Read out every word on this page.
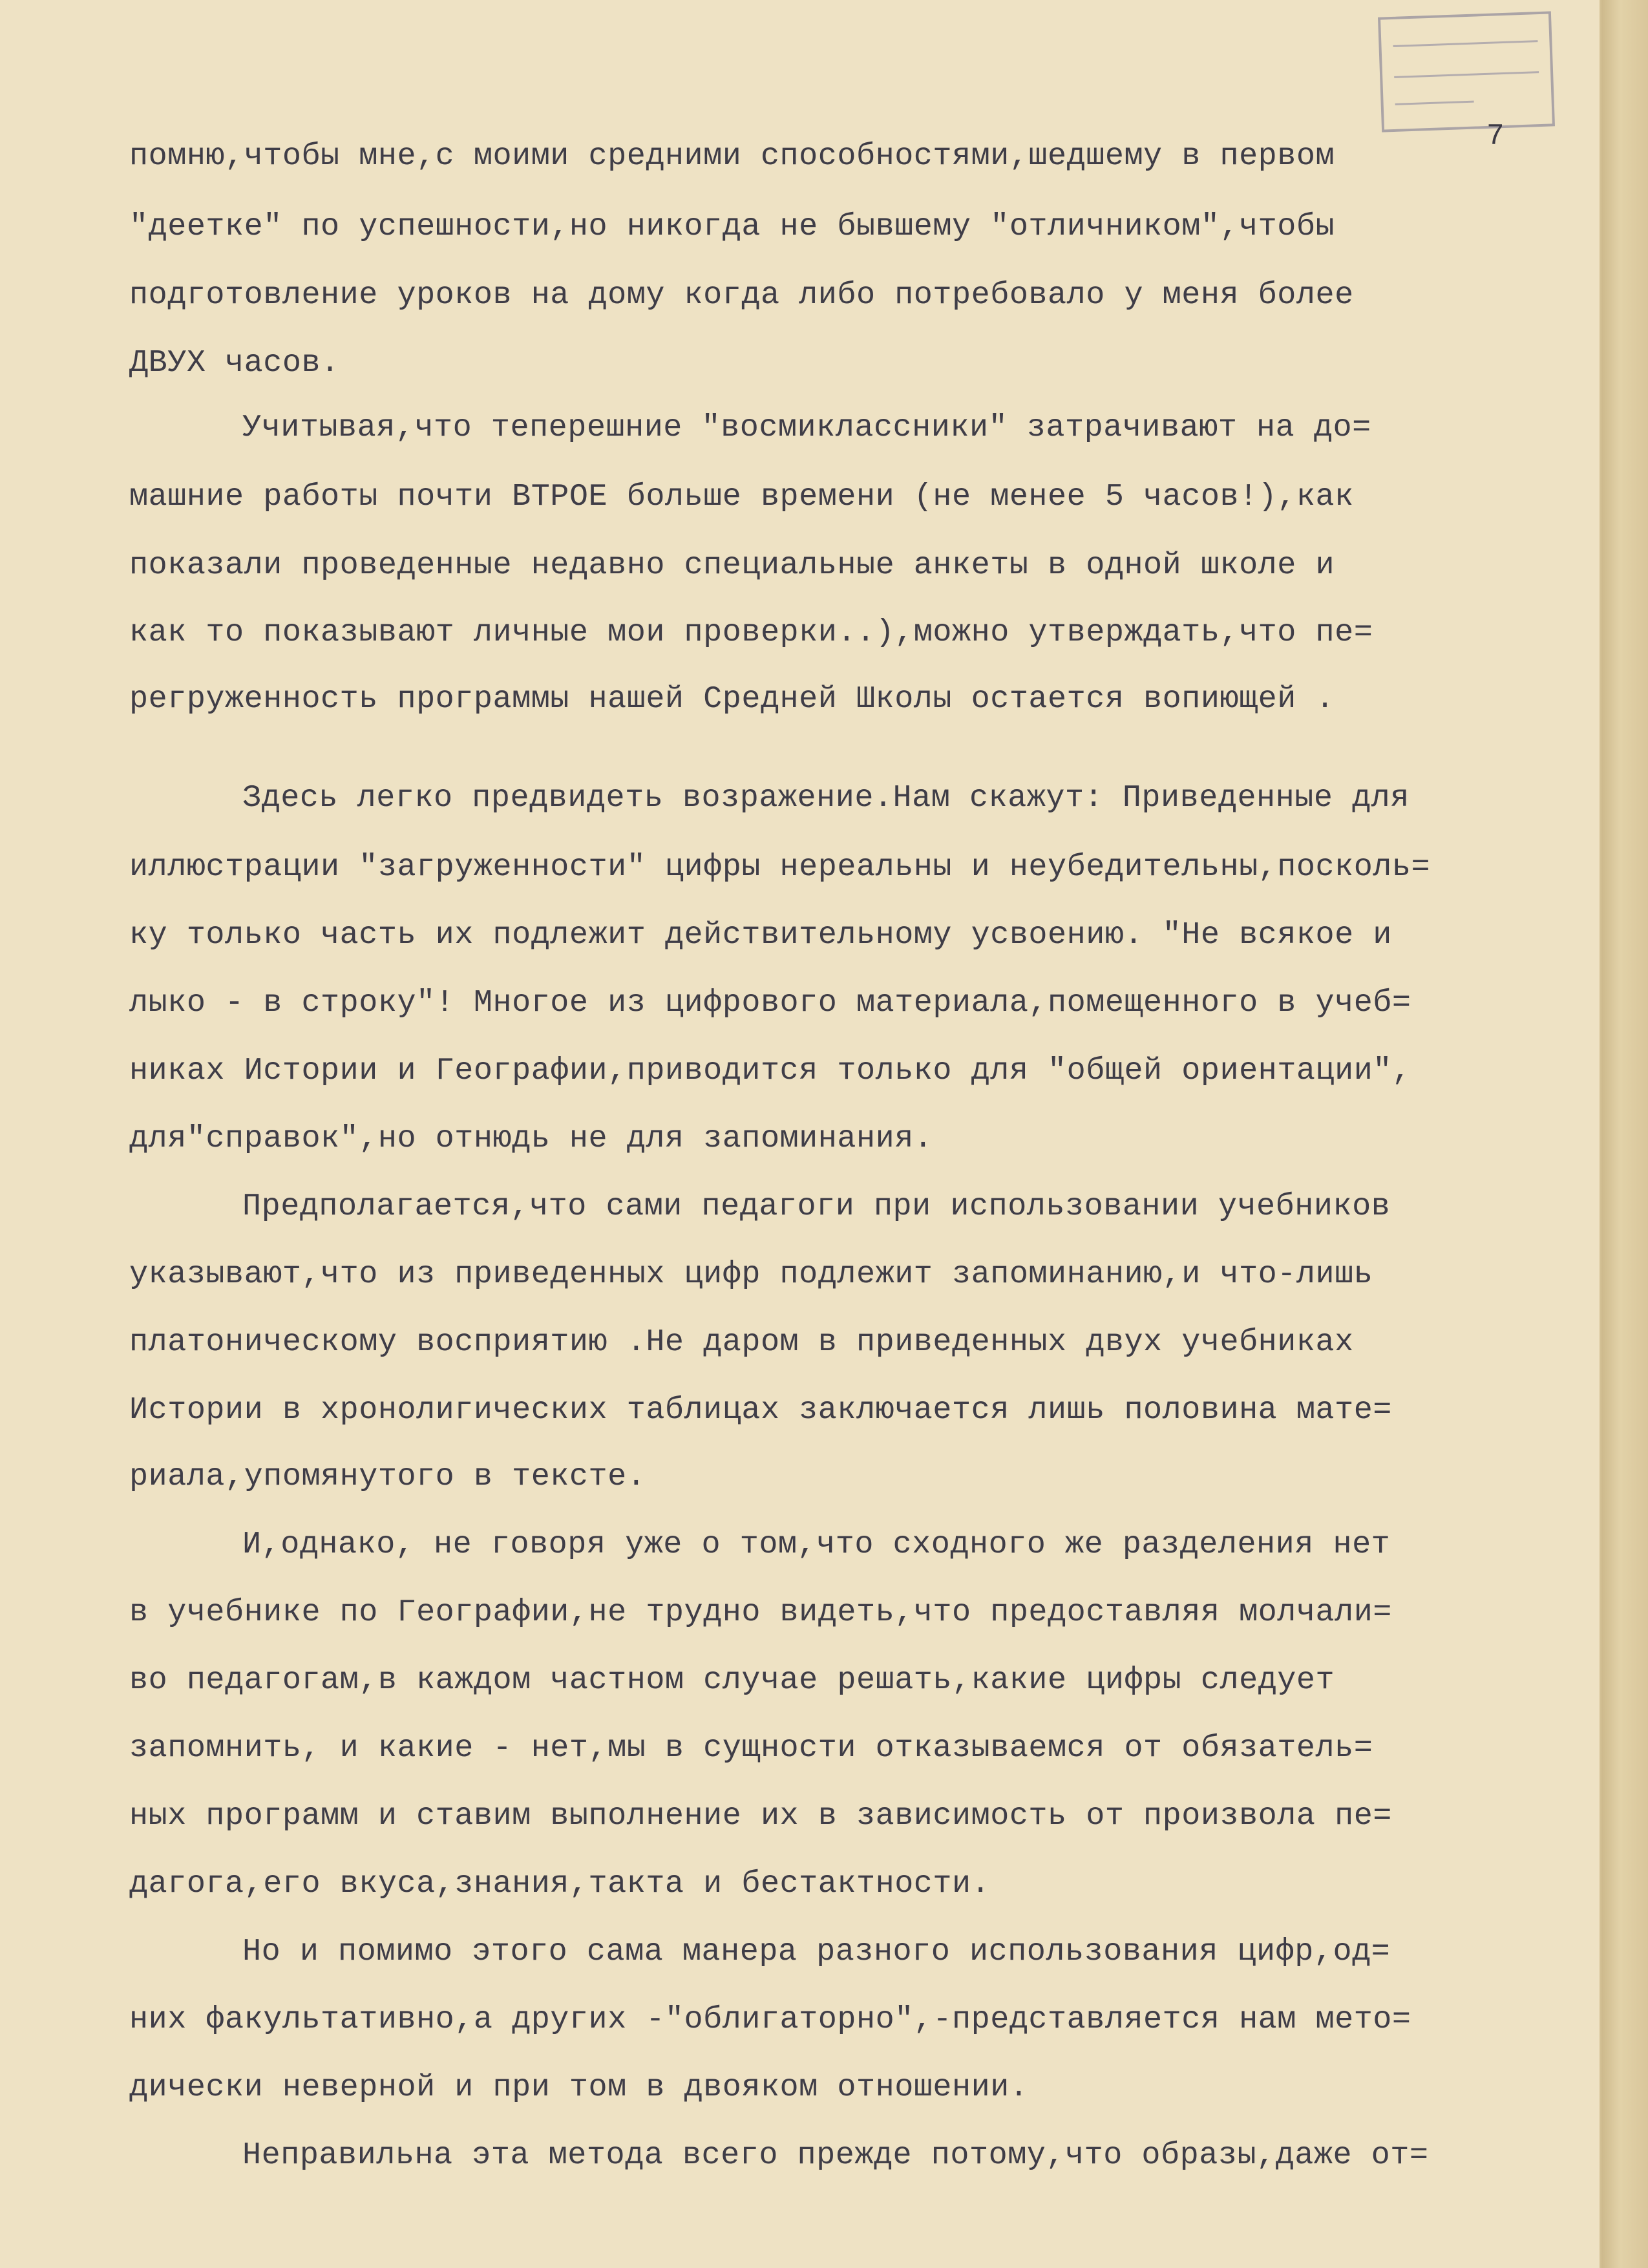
7
помню,чтобы мне,с моими средними способностями,шедшему в первом
"деетке" по успешности,но никогда не бывшему "отличником",чтобы
подготовление уроков на дому когда либо потребовало у меня более
ДВУХ часов.
Учитывая,что теперешние "восмиклассники" затрачивают на до=
машние работы почти ВТРОЕ больше времени (не менее 5 часов!),как
показали проведенные недавно специальные анкеты в одной школе и
как то показывают личные мои проверки..),можно утверждать,что пе=
регруженность программы нашей Средней Школы остается вопиющей .
Здесь легко предвидеть возражение.Нам скажут: Приведенные для
иллюстрации "загруженности" цифры нереальны и неубедительны,посколь=
ку только часть их подлежит действительному усвоению. "Не всякое и
лыко - в строку"! Многое из цифрового материала,помещенного в учеб=
никах Истории и Географии,приводится только для "общей ориентации",
для"справок",но отнюдь не для запоминания.
Предполагается,что сами педагоги при использовании учебников
указывают,что из приведенных цифр подлежит запоминанию,и что-лишь
платоническому восприятию .Не даром в приведенных двух учебниках
Истории в хронолигических таблицах заключается лишь половина мате=
риала,упомянутого в тексте.
И,однако, не говоря уже о том,что сходного же разделения нет
в учебнике по Географии,не трудно видеть,что предоставляя молчали=
во педагогам,в каждом частном случае решать,какие цифры следует
запомнить, и какие - нет,мы в сущности отказываемся от обязатель=
ных программ и ставим выполнение их в зависимость от произвола пе=
дагога,его вкуса,знания,такта и бестактности.
Но и помимо этого сама манера разного использования цифр,од=
них факультативно,а других -"облигаторно",-представляется нам мето=
дически неверной и при том в двояком отношении.
Неправильна эта метода всего прежде потому,что образы,даже от=
